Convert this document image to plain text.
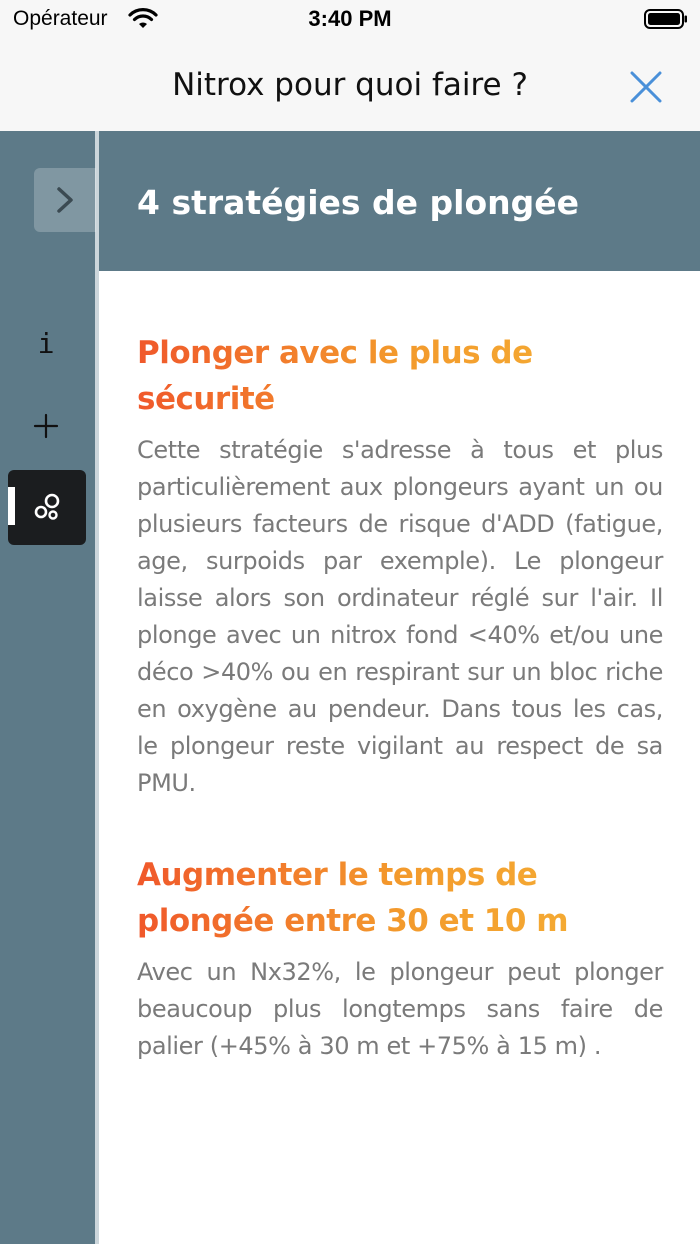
Opérateur	3:40 PM
Nitrox pour quoi faire ?
i
4 stratégies de plongée
Plonger avec le plus de sécurité

Cette stratégie s'adresse à tous et plus particulièrement aux plongeurs ayant un ou plusieurs facteurs de risque d'ADD (fatigue, age, surpoids par exemple). Le plongeur laisse alors son ordinateur réglé sur l'air. Il plonge avec un nitrox fond <40% et/ou une déco >40% ou en respirant sur un bloc riche en oxygène au pendeur. Dans tous les cas, le plongeur reste vigilant au respect de sa PMU.

Augmenter le temps de plongée entre 30 et 10 m

Avec un Nx32%, le plongeur peut plonger beaucoup plus longtemps sans faire de palier (+45% à 30 m et +75% à 15 m) .
